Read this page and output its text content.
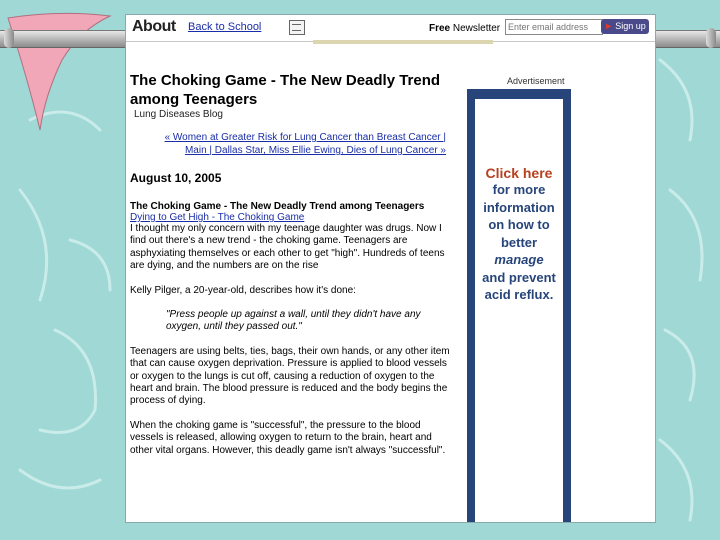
About Back to School	Free Newsletter
Enter email address	► Sign up
The Choking Game - The New Deadly Trend among Teenagers
Lung Diseases Blog
« Women at Greater Risk for Lung Cancer than Breast Cancer |
Main | Dallas Star, Miss Ellie Ewing, Dies of Lung Cancer »
August 10, 2005
The Choking Game - The New Deadly Trend among Teenagers
Dying to Get High - The Choking Game

I thought my only concern with my teenage daughter was drugs. Now I find out there's a new trend - the choking game. Teenagers are asphyxiating themselves or each other to get "high". Hundreds of teens are dying, and the numbers are on the rise

Kelly Pilger, a 20-year-old, describes how it's done:

"Press people up against a wall, until they didn't have any oxygen, until they passed out."

Teenagers are using belts, ties, bags, their own hands, or any other item that can cause oxygen deprivation. Pressure is applied to blood vessels or oxygen to the lungs is cut off, causing a reduction of oxygen to the heart and brain. The blood pressure is reduced and the body begins the process of dying.

When the choking game is "successful", the pressure to the blood vessels is released, allowing oxygen to return to the brain, heart and other vital organs. However, this deadly game isn't always "successful".

Advertisement
Click here
for more
information
on how to
better
manage
and prevent
acid reflux.
